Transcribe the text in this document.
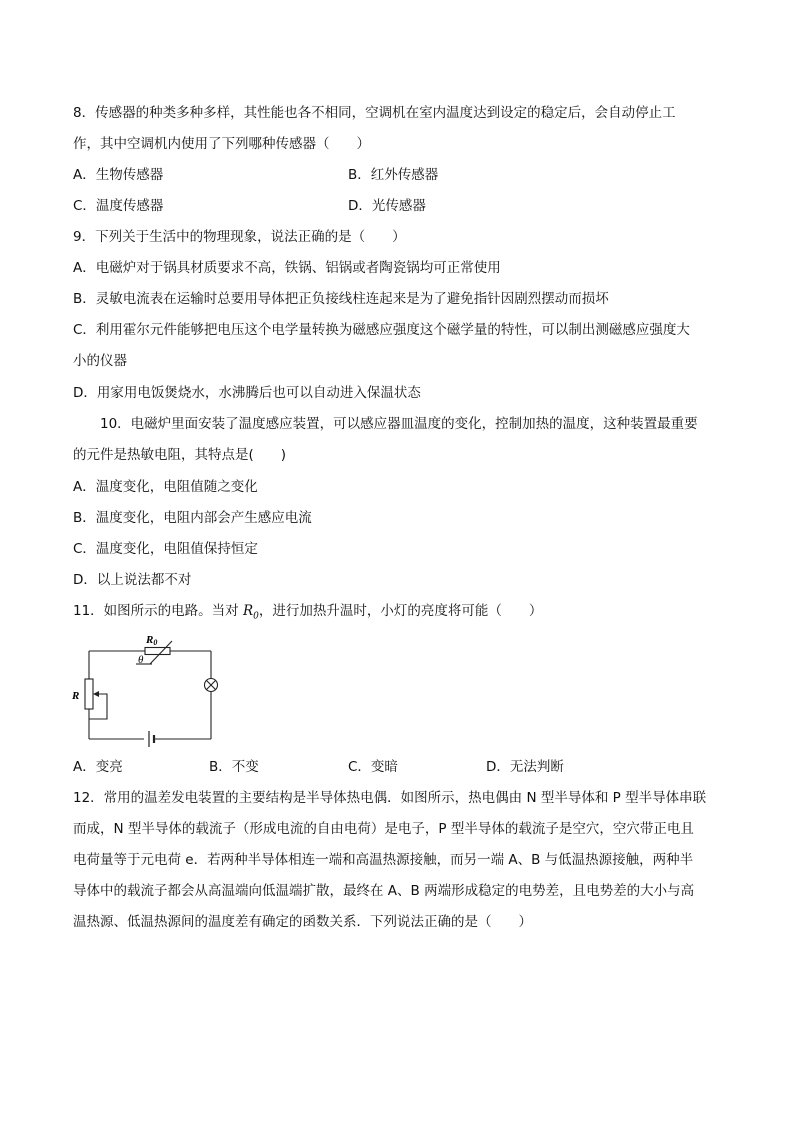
8．传感器的种类多种多样，其性能也各不相同，空调机在室内温度达到设定的稳定后，会自动停止工
作，其中空调机内使用了下列哪种传感器（　　）
A．生物传感器	B．红外传感器
C．温度传感器	D．光传感器
9．下列关于生活中的物理现象，说法正确的是（　　）
A．电磁炉对于锅具材质要求不高，铁锅、铝锅或者陶瓷锅均可正常使用
B．灵敏电流表在运输时总要用导体把正负接线柱连起来是为了避免指针因剧烈摆动而损坏
C．利用霍尔元件能够把电压这个电学量转换为磁感应强度这个磁学量的特性，可以制出测磁感应强度大
小的仪器
D．用家用电饭煲烧水，水沸腾后也可以自动进入保温状态
10．电磁炉里面安装了温度感应装置，可以感应器皿温度的变化，控制加热的温度，这种装置最重要
的元件是热敏电阻，其特点是(　　)
A．温度变化，电阻值随之变化
B．温度变化，电阻内部会产生感应电流
C．温度变化，电阻值保持恒定
D．以上说法都不对
11．如图所示的电路。当对 $R_0$，进行加热升温时，小灯的亮度将可能（　　）
R0
θ
R
A．变亮	B．不变	C．变暗	D．无法判断
12．常用的温差发电装置的主要结构是半导体热电偶．如图所示，热电偶由 N 型半导体和 P 型半导体串联
而成，N 型半导体的载流子（形成电流的自由电荷）是电子，P 型半导体的载流子是空穴，空穴带正电且
电荷量等于元电荷 e．若两种半导体相连一端和高温热源接触，而另一端 A、B 与低温热源接触，两种半
导体中的载流子都会从高温端向低温端扩散，最终在 A、B 两端形成稳定的电势差，且电势差的大小与高
温热源、低温热源间的温度差有确定的函数关系．下列说法正确的是（　　）
